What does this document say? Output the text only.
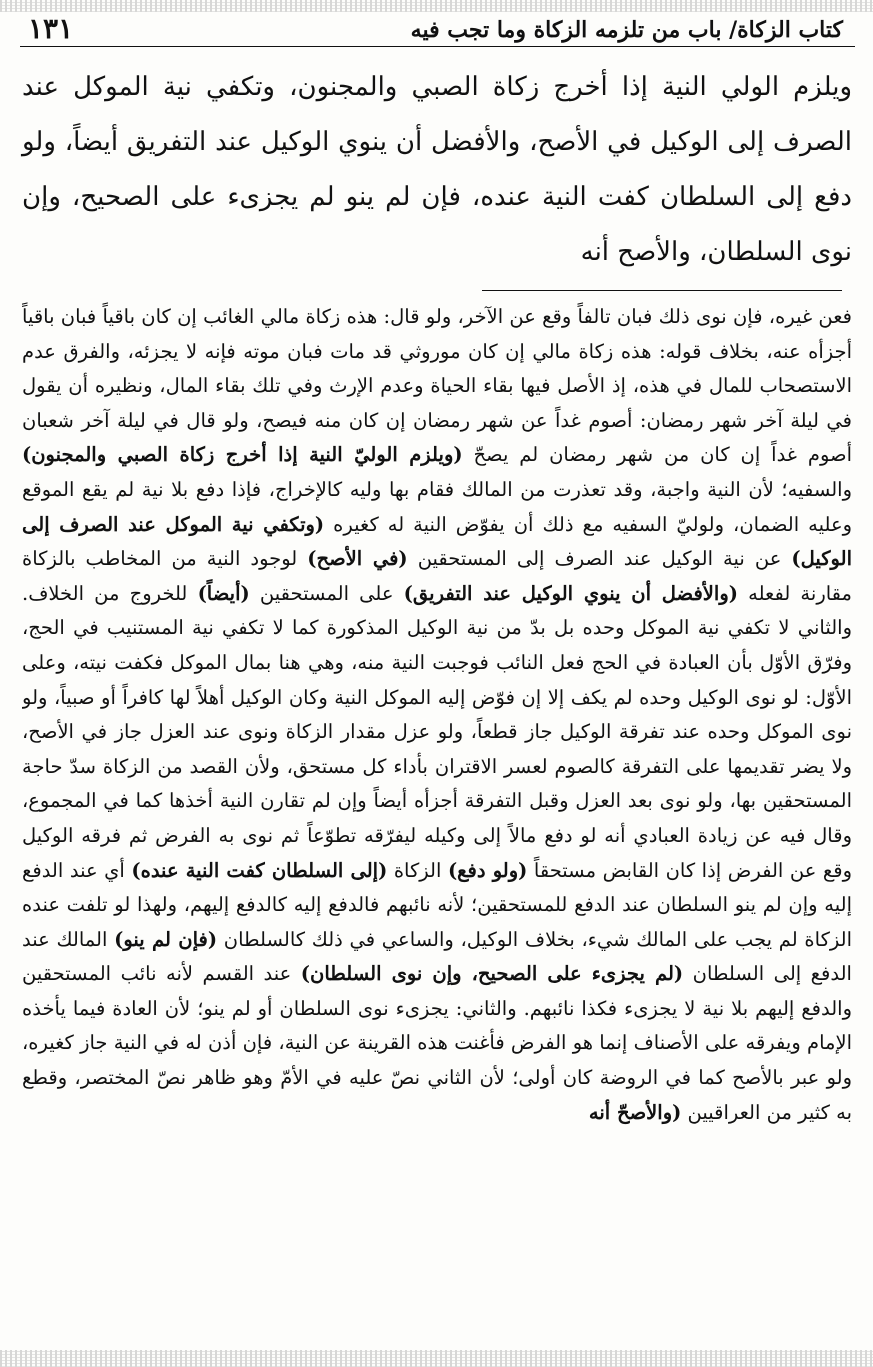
١٣١	كتاب الزكاة/ باب من تلزمه الزكاة وما تجب فيه
ويلزم الولي النية إذا أخرج زكاة الصبي والمجنون، وتكفي نية الموكل عند الصرف إلى الوكيل في الأصح، والأفضل أن ينوي الوكيل عند التفريق أيضاً، ولو دفع إلى السلطان كفت النية عنده، فإن لم ينو لم يجزىء على الصحيح، وإن نوى السلطان، والأصح أنه
فعن غيره، فإن نوى ذلك فبان تالفاً وقع عن الآخر، ولو قال: هذه زكاة مالي الغائب إن كان باقياً فبان باقياً أجزأه عنه، بخلاف قوله: هذه زكاة مالي إن كان موروثي قد مات فبان موته فإنه لا يجزئه، والفرق عدم الاستصحاب للمال في هذه، إذ الأصل فيها بقاء الحياة وعدم الإرث وفي تلك بقاء المال، ونظيره أن يقول في ليلة آخر شهر رمضان: أصوم غداً عن شهر رمضان إن كان منه فيصح، ولو قال في ليلة آخر شعبان أصوم غداً إن كان من شهر رمضان لم يصحّ (ويلزم الوليّ النية إذا أخرج زكاة الصبي والمجنون) والسفيه؛ لأن النية واجبة، وقد تعذرت من المالك فقام بها وليه كالإخراج، فإذا دفع بلا نية لم يقع الموقع وعليه الضمان، ولوليّ السفيه مع ذلك أن يفوّض النية له كغيره (وتكفي نية الموكل عند الصرف إلى الوكيل) عن نية الوكيل عند الصرف إلى المستحقين (في الأصح) لوجود النية من المخاطب بالزكاة مقارنة لفعله (والأفضل أن ينوي الوكيل عند التفريق) على المستحقين (أيضاً) للخروج من الخلاف. والثاني لا تكفي نية الموكل وحده بل بدّ من نية الوكيل المذكورة كما لا تكفي نية المستنيب في الحج، وفرّق الأوّل بأن العبادة في الحج فعل النائب فوجبت النية منه، وهي هنا بمال الموكل فكفت نيته، وعلى الأوّل: لو نوى الوكيل وحده لم يكف إلا إن فوّض إليه الموكل النية وكان الوكيل أهلاً لها كافراً أو صبياً، ولو نوى الموكل وحده عند تفرقة الوكيل جاز قطعاً، ولو عزل مقدار الزكاة ونوى عند العزل جاز في الأصح، ولا يضر تقديمها على التفرقة كالصوم لعسر الاقتران بأداء كل مستحق، ولأن القصد من الزكاة سدّ حاجة المستحقين بها، ولو نوى بعد العزل وقبل التفرقة أجزأه أيضاً وإن لم تقارن النية أخذها كما في المجموع، وقال فيه عن زيادة العبادي أنه لو دفع مالاً إلى وكيله ليفرّقه تطوّعاً ثم نوى به الفرض ثم فرقه الوكيل وقع عن الفرض إذا كان القابض مستحقاً (ولو دفع) الزكاة (إلى السلطان كفت النية عنده) أي عند الدفع إليه وإن لم ينو السلطان عند الدفع للمستحقين؛ لأنه نائبهم فالدفع إليه كالدفع إليهم، ولهذا لو تلفت عنده الزكاة لم يجب على المالك شيء، بخلاف الوكيل، والساعي في ذلك كالسلطان (فإن لم ينو) المالك عند الدفع إلى السلطان (لم يجزىء على الصحيح، وإن نوى السلطان) عند القسم لأنه نائب المستحقين والدفع إليهم بلا نية لا يجزىء فكذا نائبهم. والثاني: يجزىء نوى السلطان أو لم ينو؛ لأن العادة فيما يأخذه الإمام ويفرقه على الأصناف إنما هو الفرض فأغنت هذه القرينة عن النية، فإن أذن له في النية جاز كغيره، ولو عبر بالأصح كما في الروضة كان أولى؛ لأن الثاني نصّ عليه في الأمّ وهو ظاهر نصّ المختصر، وقطع به كثير من العراقيين (والأصحّ أنه
